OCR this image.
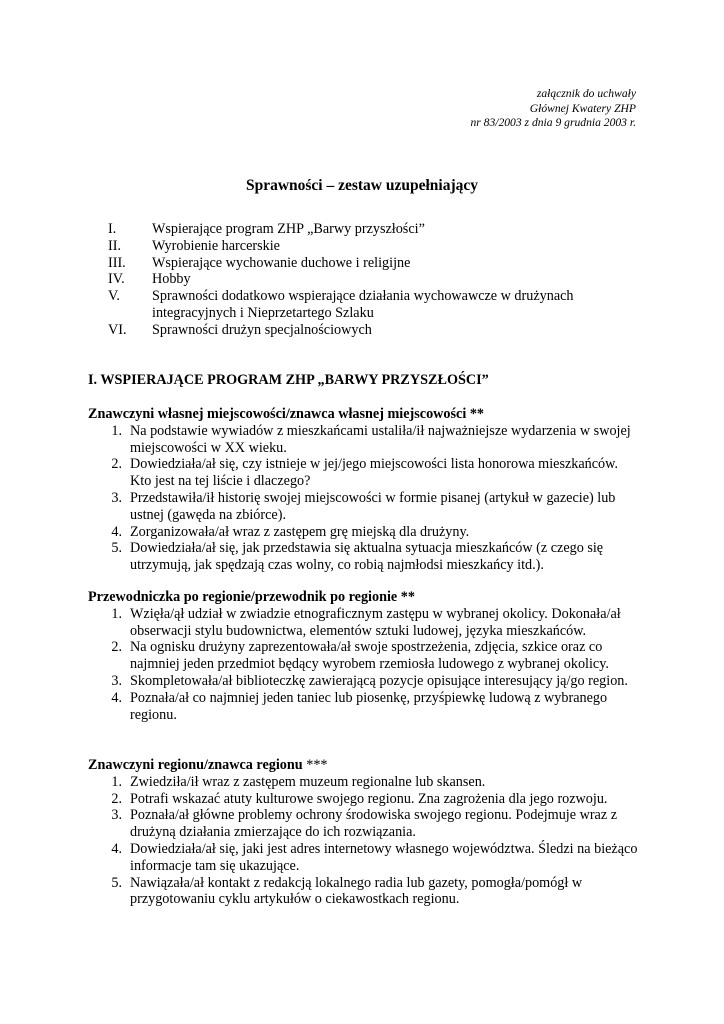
załącznik do uchwały
Głównej Kwatery ZHP
nr 83/2003 z dnia 9 grudnia 2003 r.
Sprawności – zestaw uzupełniający
I.	Wspierające program ZHP „Barwy przyszłości”
II.	Wyrobienie harcerskie
III.	Wspierające wychowanie duchowe i religijne
IV.	Hobby
V.	Sprawności dodatkowo wspierające działania wychowawcze w drużynach integracyjnych i Nieprzetartego Szlaku
VI.	Sprawności drużyn specjalnościowych
I. WSPIERAJĄCE PROGRAM ZHP „BARWY PRZYSZŁOŚCI”
Znawczyni własnej miejscowości/znawca własnej miejscowości **
1. Na podstawie wywiadów z mieszkańcami ustaliła/ił najważniejsze wydarzenia w swojej miejscowości w XX wieku.
2. Dowiedziała/ał się, czy istnieje w jej/jego miejscowości lista honorowa mieszkańców. Kto jest na tej liście i dlaczego?
3. Przedstawiła/ił historię swojej miejscowości w formie pisanej (artykuł w gazecie) lub ustnej (gawęda na zbiórce).
4. Zorganizowała/ał wraz z zastępem grę miejską dla drużyny.
5. Dowiedziała/ał się, jak przedstawia się aktualna sytuacja mieszkańców (z czego się utrzymują, jak spędzają czas wolny, co robią najmłodsi mieszkańcy itd.).
Przewodniczka po regionie/przewodnik po regionie **
1. Wzięła/ął udział w zwiadzie etnograficznym zastępu w wybranej okolicy. Dokonała/ał obserwacji stylu budownictwa, elementów sztuki ludowej, języka mieszkańców.
2. Na ognisku drużyny zaprezentowała/ał swoje spostrzeżenia, zdjęcia, szkice oraz co najmniej jeden przedmiot będący wyrobem rzemiosła ludowego z wybranej okolicy.
3. Skompletowała/ał biblioteczkę zawierającą pozycje opisujące interesujący ją/go region.
4. Poznała/ał co najmniej jeden taniec lub piosenkę, przyśpiewkę ludową z wybranego regionu.
Znawczyni regionu/znawca regionu ***
1. Zwiedziła/ił wraz z zastępem muzeum regionalne lub skansen.
2. Potrafi wskazać atuty kulturowe swojego regionu. Zna zagrożenia dla jego rozwoju.
3. Poznała/ał główne problemy ochrony środowiska swojego regionu. Podejmuje wraz z drużyną działania zmierzające do ich rozwiązania.
4. Dowiedziała/ał się, jaki jest adres internetowy własnego województwa. Śledzi na bieżąco informacje tam się ukazujące.
5. Nawiązała/ał kontakt z redakcją lokalnego radia lub gazety, pomogła/pomógł w przygotowaniu cyklu artykułów o ciekawostkach regionu.
